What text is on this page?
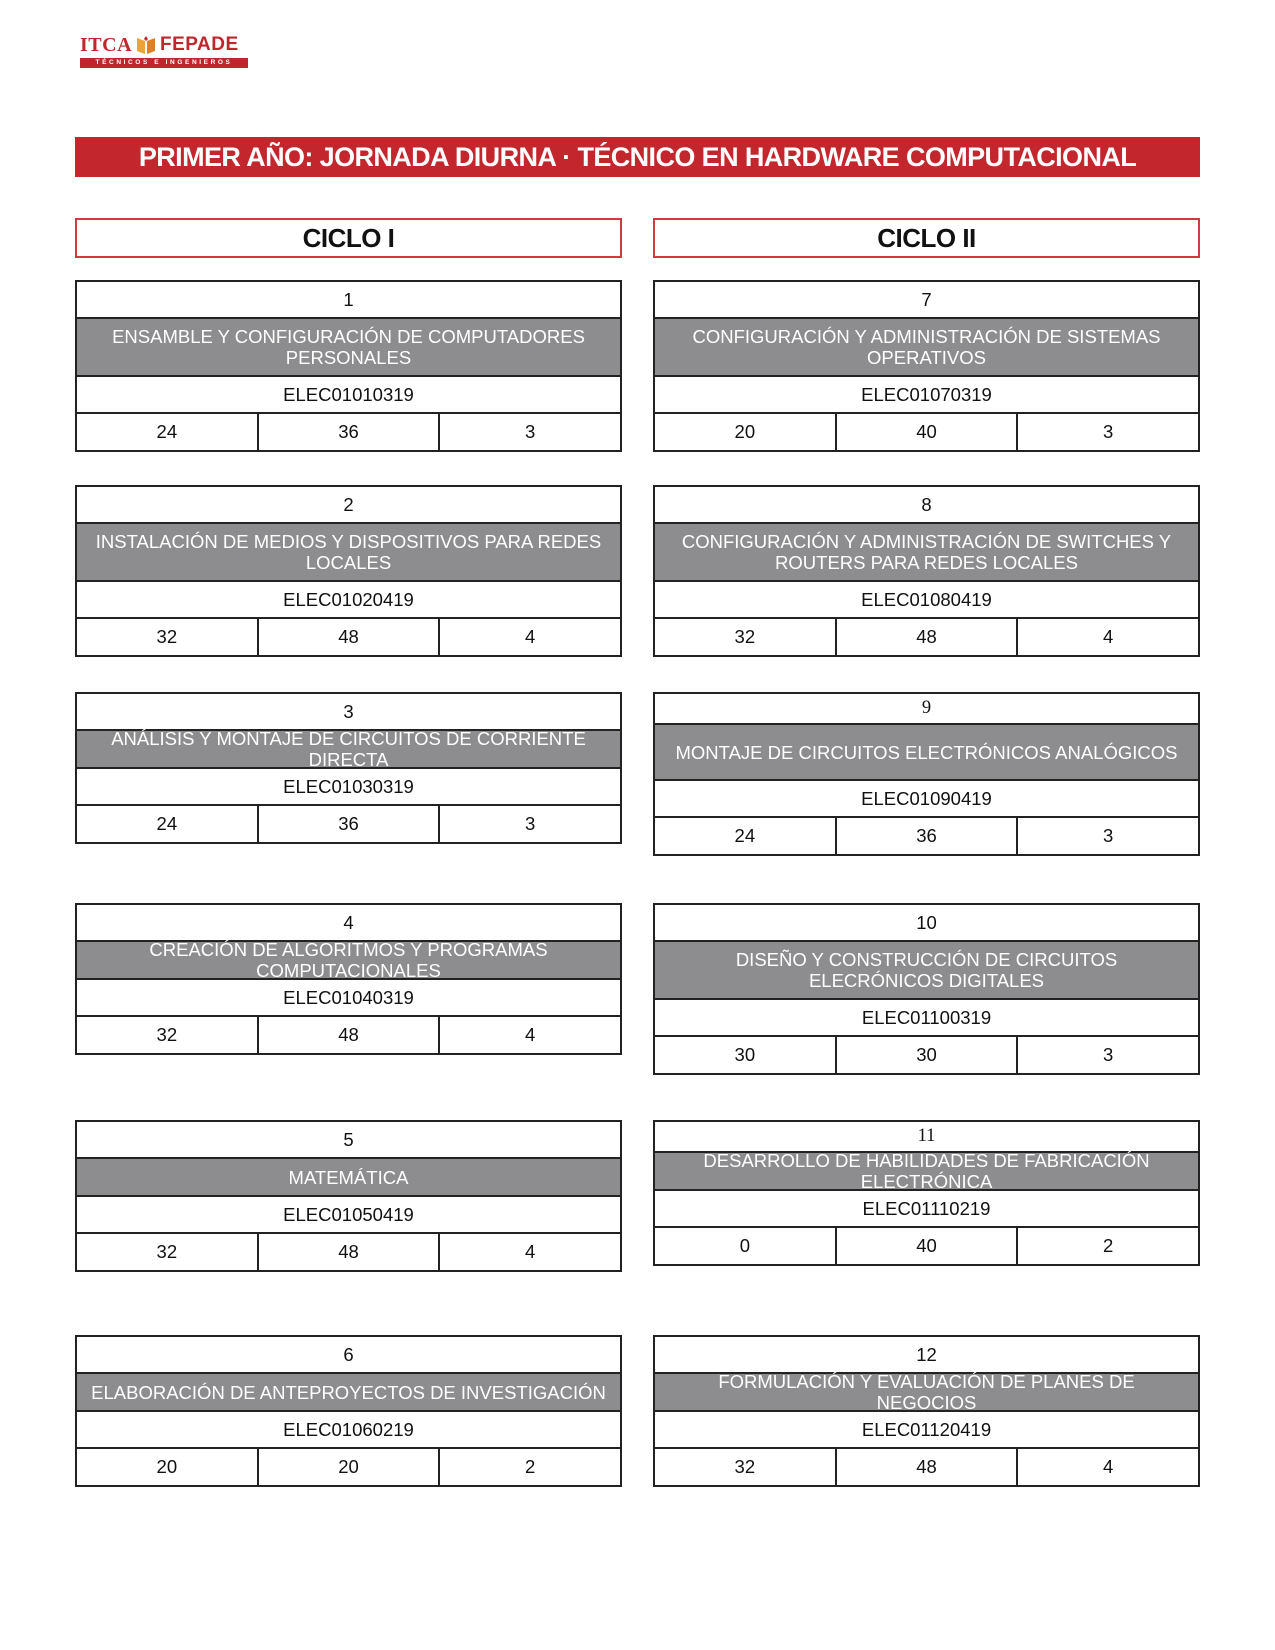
ITCA FEPADE
TÉCNICOS E INGENIEROS
PRIMER AÑO: JORNADA DIURNA · TÉCNICO EN HARDWARE COMPUTACIONAL
CICLO I	CICLO II
1
ENSAMBLE Y CONFIGURACIÓN DE COMPUTADORES PERSONALES
ELEC01010319
24	36	3
2
INSTALACIÓN DE MEDIOS Y DISPOSITIVOS PARA REDES LOCALES
ELEC01020419
32	48	4
3
ANÁLISIS Y MONTAJE DE CIRCUITOS DE CORRIENTE DIRECTA
ELEC01030319
24	36	3
4
CREACIÓN DE ALGORITMOS Y PROGRAMAS COMPUTACIONALES
ELEC01040319
32	48	4
5
MATEMÁTICA
ELEC01050419
32	48	4
6
ELABORACIÓN DE ANTEPROYECTOS DE INVESTIGACIÓN
ELEC01060219
20	20	2
7
CONFIGURACIÓN Y ADMINISTRACIÓN DE SISTEMAS OPERATIVOS
ELEC01070319
20	40	3
8
CONFIGURACIÓN Y ADMINISTRACIÓN DE SWITCHES Y ROUTERS PARA REDES LOCALES
ELEC01080419
32	48	4
9
MONTAJE DE CIRCUITOS ELECTRÓNICOS ANALÓGICOS
ELEC01090419
24	36	3
10
DISEÑO Y CONSTRUCCIÓN DE CIRCUITOS ELECRÓNICOS DIGITALES
ELEC01100319
30	30	3
11
DESARROLLO DE HABILIDADES DE FABRICACIÓN ELECTRÓNICA
ELEC01110219
0	40	2
12
FORMULACIÓN Y EVALUACIÓN DE PLANES DE NEGOCIOS
ELEC01120419
32	48	4
